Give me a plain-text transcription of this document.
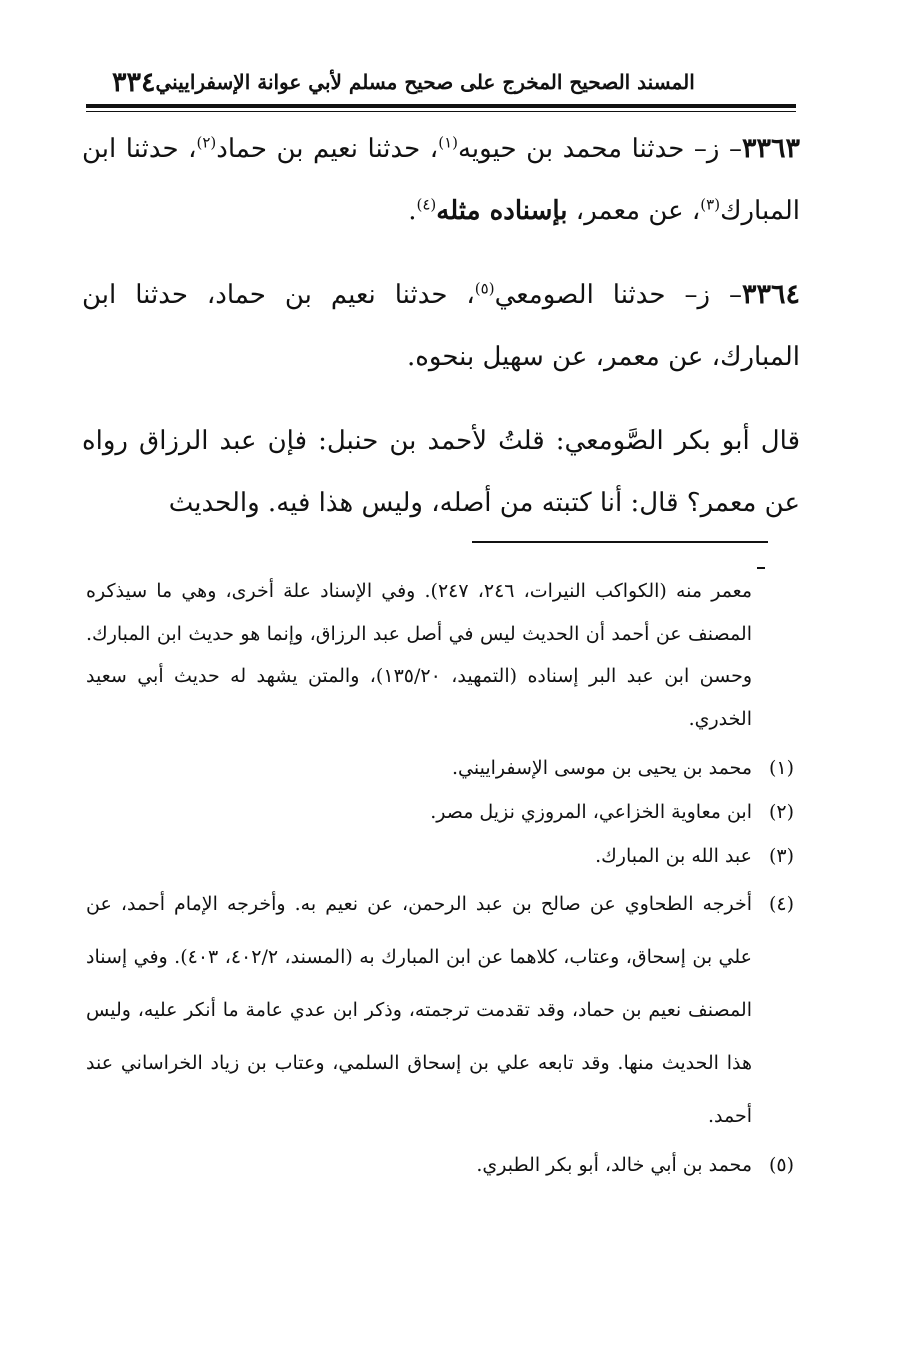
٣٣٤ المسند الصحيح المخرج على صحيح مسلم لأبي عوانة الإسفراييني

٣٣٦٣– ز– حدثنا محمد بن حيويه$^{(١)}$، حدثنا نعيم بن حماد$^{(٢)}$، حدثنا ابن المبارك$^{(٣)}$، عن معمر، بإسناده مثله$^{(٤)}$.

٣٣٦٤– ز– حدثنا الصومعي$^{(٥)}$، حدثنا نعيم بن حماد، حدثنا ابن المبارك، عن معمر، عن سهيل بنحوه.

قال أبو بكر الصَّومعي: قلتُ لأحمد بن حنبل: فإن عبد الرزاق رواه عن معمر؟ قال: أنا كتبته من أصله، وليس هذا فيه. والحديث

معمر منه (الكواكب النيرات، ٢٤٦، ٢٤٧). وفي الإسناد علة أخرى، وهي ما سيذكره المصنف عن أحمد أن الحديث ليس في أصل عبد الرزاق، وإنما هو حديث ابن المبارك. وحسن ابن عبد البر إسناده (التمهيد، ١٣٥/٢٠)، والمتن يشهد له حديث أبي سعيد الخدري.

(١)
محمد بن يحيى بن موسى الإسفراييني.
(٢)
ابن معاوية الخزاعي، المروزي نزيل مصر.
(٣)
عبد الله بن المبارك.
(٤)
أخرجه الطحاوي عن صالح بن عبد الرحمن، عن نعيم به. وأخرجه الإمام أحمد، عن علي بن إسحاق، وعتاب، كلاهما عن ابن المبارك به (المسند، ٤٠٢/٢، ٤٠٣). وفي إسناد المصنف نعيم بن حماد، وقد تقدمت ترجمته، وذكر ابن عدي عامة ما أنكر عليه، وليس هذا الحديث منها. وقد تابعه علي بن إسحاق السلمي، وعتاب بن زياد الخراساني عند أحمد.
(٥)
محمد بن أبي خالد، أبو بكر الطبري.
